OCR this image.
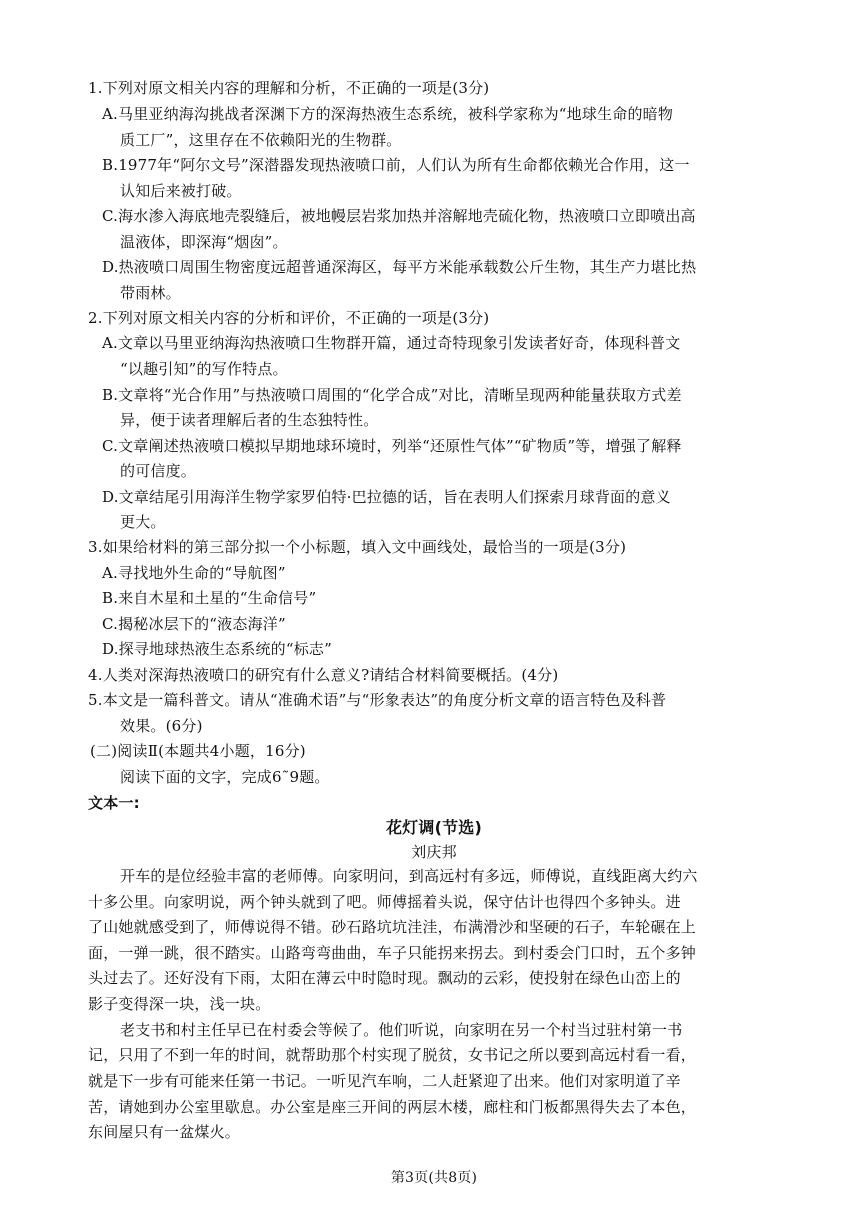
1.下列对原文相关内容的理解和分析，不正确的一项是(3分)
A.马里亚纳海沟挑战者深渊下方的深海热液生态系统，被科学家称为“地球生命的暗物
质工厂”，这里存在不依赖阳光的生物群。
B.1977年“阿尔文号”深潜器发现热液喷口前，人们认为所有生命都依赖光合作用，这一
认知后来被打破。
C.海水渗入海底地壳裂缝后，被地幔层岩浆加热并溶解地壳硫化物，热液喷口立即喷出高
温液体，即深海“烟囱”。
D.热液喷口周围生物密度远超普通深海区，每平方米能承载数公斤生物，其生产力堪比热
带雨林。
2.下列对原文相关内容的分析和评价，不正确的一项是(3分)
A.文章以马里亚纳海沟热液喷口生物群开篇，通过奇特现象引发读者好奇，体现科普文
“以趣引知”的写作特点。
B.文章将“光合作用”与热液喷口周围的“化学合成”对比，清晰呈现两种能量获取方式差
异，便于读者理解后者的生态独特性。
C.文章阐述热液喷口模拟早期地球环境时，列举“还原性气体”“矿物质”等，增强了解释
的可信度。
D.文章结尾引用海洋生物学家罗伯特·巴拉德的话，旨在表明人们探索月球背面的意义
更大。
3.如果给材料的第三部分拟一个小标题，填入文中画线处，最恰当的一项是(3分)
A.寻找地外生命的“导航图”
B.来自木星和土星的“生命信号”
C.揭秘冰层下的“液态海洋”
D.探寻地球热液生态系统的“标志”
4.人类对深海热液喷口的研究有什么意义?请结合材料简要概括。(4分)
5.本文是一篇科普文。请从“准确术语”与“形象表达”的角度分析文章的语言特色及科普
效果。(6分)
(二)阅读Ⅱ(本题共4小题，16分)
阅读下面的文字，完成6˜9题。
文本一:
花灯调(节选)
刘庆邦
开车的是位经验丰富的老师傅。向家明问，到高远村有多远，师傅说，直线距离大约六
十多公里。向家明说，两个钟头就到了吧。师傅摇着头说，保守估计也得四个多钟头。进
了山她就感受到了，师傅说得不错。砂石路坑坑洼洼，布满滑沙和坚硬的石子，车轮碾在上
面，一弹一跳，很不踏实。山路弯弯曲曲，车子只能拐来拐去。到村委会门口时，五个多钟
头过去了。还好没有下雨，太阳在薄云中时隐时现。飘动的云彩，使投射在绿色山峦上的
影子变得深一块，浅一块。
老支书和村主任早已在村委会等候了。他们听说，向家明在另一个村当过驻村第一书
记，只用了不到一年的时间，就帮助那个村实现了脱贫，女书记之所以要到高远村看一看，
就是下一步有可能来任第一书记。一听见汽车响，二人赶紧迎了出来。他们对家明道了辛
苦，请她到办公室里歇息。办公室是座三开间的两层木楼，廊柱和门板都黑得失去了本色，
东间屋只有一盆煤火。
第3页(共8页)
